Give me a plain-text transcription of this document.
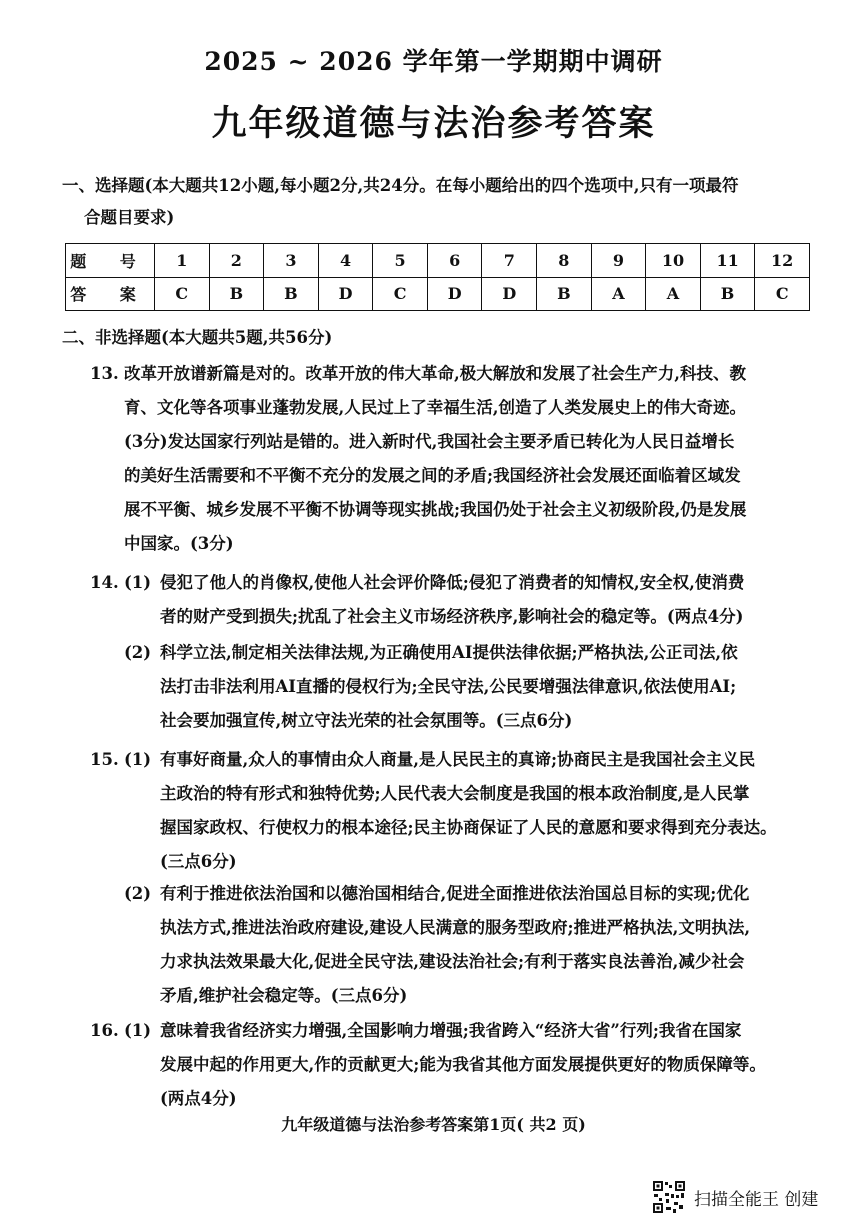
2025 ~ 2026 学年第一学期期中调研
九年级道德与法治参考答案
一、选择题(本大题共12小题,每小题2分,共24分。在每小题给出的四个选项中,只有一项最符
合题目要求)
题 号	1	2	3	4	5	6	7	8	9	10	11	12
答 案	C	B	B	D	C	D	D	B	A	A	B	C
二、非选择题(本大题共5题,共56分)
13. 改革开放谱新篇是对的。改革开放的伟大革命,极大解放和发展了社会生产力,科技、教

育、文化等各项事业蓬勃发展,人民过上了幸福生活,创造了人类发展史上的伟大奇迹。

(3分)发达国家行列站是错的。进入新时代,我国社会主要矛盾已转化为人民日益增长

的美好生活需要和不平衡不充分的发展之间的矛盾;我国经济社会发展还面临着区域发

展不平衡、城乡发展不平衡不协调等现实挑战;我国仍处于社会主义初级阶段,仍是发展

中国家。(3分)

14. (1) 侵犯了他人的肖像权,使他人社会评价降低;侵犯了消费者的知情权,安全权,使消费

者的财产受到损失;扰乱了社会主义市场经济秩序,影响社会的稳定等。(两点4分)

(2) 科学立法,制定相关法律法规,为正确使用AI提供法律依据;严格执法,公正司法,依

法打击非法利用AI直播的侵权行为;全民守法,公民要增强法律意识,依法使用AI;

社会要加强宣传,树立守法光荣的社会氛围等。(三点6分)

15. (1) 有事好商量,众人的事情由众人商量,是人民民主的真谛;协商民主是我国社会主义民

主政治的特有形式和独特优势;人民代表大会制度是我国的根本政治制度,是人民掌

握国家政权、行使权力的根本途径;民主协商保证了人民的意愿和要求得到充分表达。

(三点6分)

(2) 有利于推进依法治国和以德治国相结合,促进全面推进依法治国总目标的实现;优化

执法方式,推进法治政府建设,建设人民满意的服务型政府;推进严格执法,文明执法,

力求执法效果最大化,促进全民守法,建设法治社会;有利于落实良法善治,减少社会

矛盾,维护社会稳定等。(三点6分)

16. (1) 意味着我省经济实力增强,全国影响力增强;我省跨入“经济大省”行列;我省在国家

发展中起的作用更大,作的贡献更大;能为我省其他方面发展提供更好的物质保障等。

(两点4分)

九年级道德与法治参考答案第1页( 共2 页)
扫描全能王 创建
